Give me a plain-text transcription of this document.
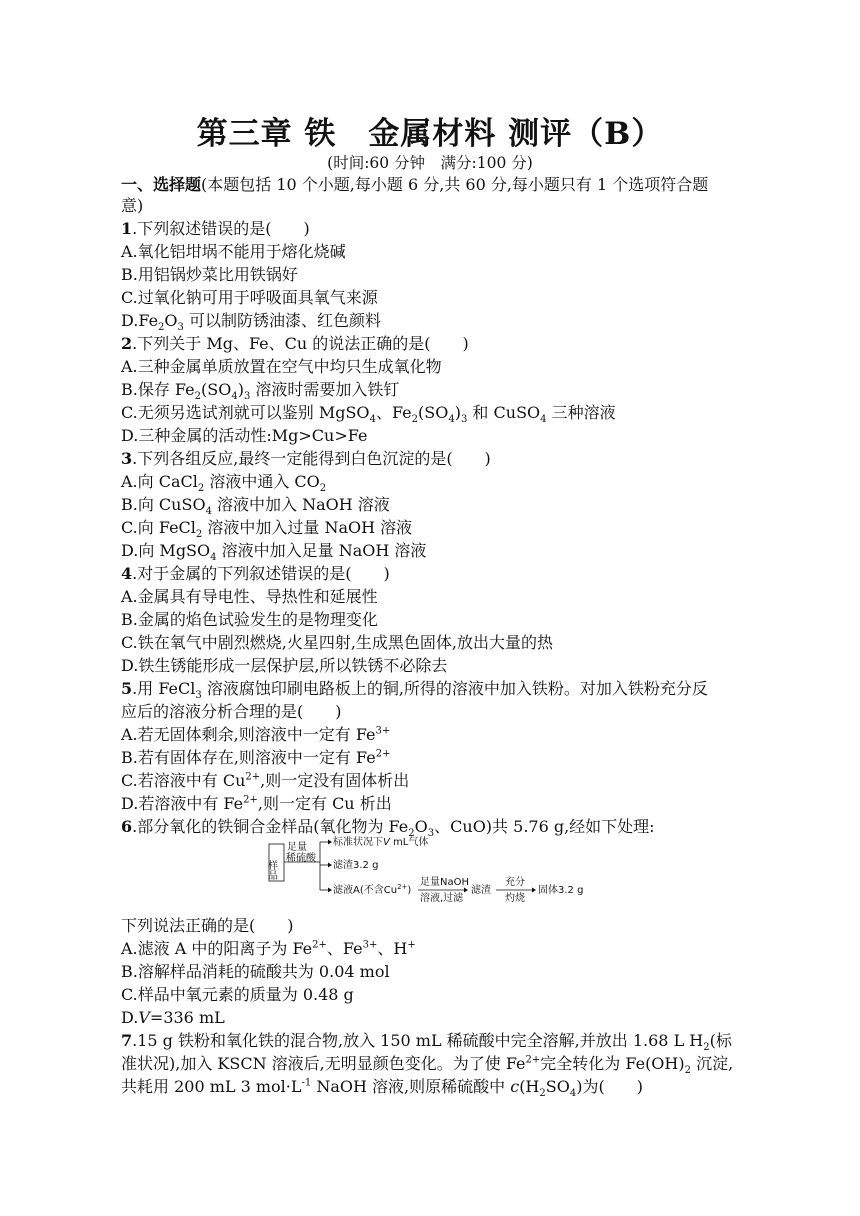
第三章 铁　金属材料 测评（B）
(时间:60 分钟　满分:100 分)
一、选择题(本题包括 10 个小题,每小题 6 分,共 60 分,每小题只有 1 个选项符合题
意)
1.下列叙述错误的是(　　)
A.氧化铝坩埚不能用于熔化烧碱
B.用铝锅炒菜比用铁锅好
C.过氧化钠可用于呼吸面具氧气来源
$D.Fe_2O_3$ 可以制防锈油漆、红色颜料
2.下列关于 Mg、Fe、Cu 的说法正确的是(　　)
A.三种金属单质放置在空气中均只生成氧化物
B.保存 $Fe_2(SO_4)_3$ 溶液时需要加入铁钉
C.无须另选试剂就可以鉴别 MgSO$_4$、$Fe_2(SO_4)_3$ 和 CuSO$_4$ 三种溶液
D.三种金属的活动性:Mg>Cu>Fe
3.下列各组反应,最终一定能得到白色沉淀的是(　　)
A.向 CaCl$_2$ 溶液中通入 $CO_2$
B.向 CuSO$_4$ 溶液中加入 NaOH 溶液
C.向 FeCl$_2$ 溶液中加入过量 NaOH 溶液
D.向 MgSO$_4$ 溶液中加入足量 NaOH 溶液
4.对于金属的下列叙述错误的是(　　)
A.金属具有导电性、导热性和延展性
B.金属的焰色试验发生的是物理变化
C.铁在氧气中剧烈燃烧,火星四射,生成黑色固体,放出大量的热
D.铁生锈能形成一层保护层,所以铁锈不必除去
5.用 FeCl$_3$ 溶液腐蚀印刷电路板上的铜,所得的溶液中加入铁粉。对加入铁粉充分反
应后的溶液分析合理的是(　　)
A.若无固体剩余,则溶液中一定有 $Fe^{3+}$
B.若有固体存在,则溶液中一定有 $Fe^{2+}$
C.若溶液中有 $Cu^{2+}$,则一定没有固体析出
D.若溶液中有 $Fe^{2+}$,则一定有 Cu 析出
6.部分氧化的铁铜合金样品(氧化物为 $Fe_2O_3$、CuO)共 5.76 g,经如下处理:
样品
足量
稀硫酸
标准状况下V mL气体
滤渣3.2 g
滤液A(不含$Cu^{2+}$)
足量NaOH
溶液,过滤
滤渣
充分
灼烧
固体3.2 g
下列说法正确的是(　　)
A.滤液 A 中的阳离子为 $Fe^{2+}$、$Fe^{3+}$、H+
B.溶解样品消耗的硫酸共为 0.04 mol
C.样品中氧元素的质量为 0.48 g
D.V=336 mL
7.15 g 铁粉和氧化铁的混合物,放入 150 mL 稀硫酸中完全溶解,并放出 1.68 L $H_2$(标
准状况),加入 KSCN 溶液后,无明显颜色变化。为了使 $Fe^{2+}$完全转化为 $Fe(OH)_2$ 沉淀,
共耗用 200 mL 3 $mol\cdot L^{-1}$ NaOH 溶液,则原稀硫酸中 $c(H_2SO_4)$为(　　)
